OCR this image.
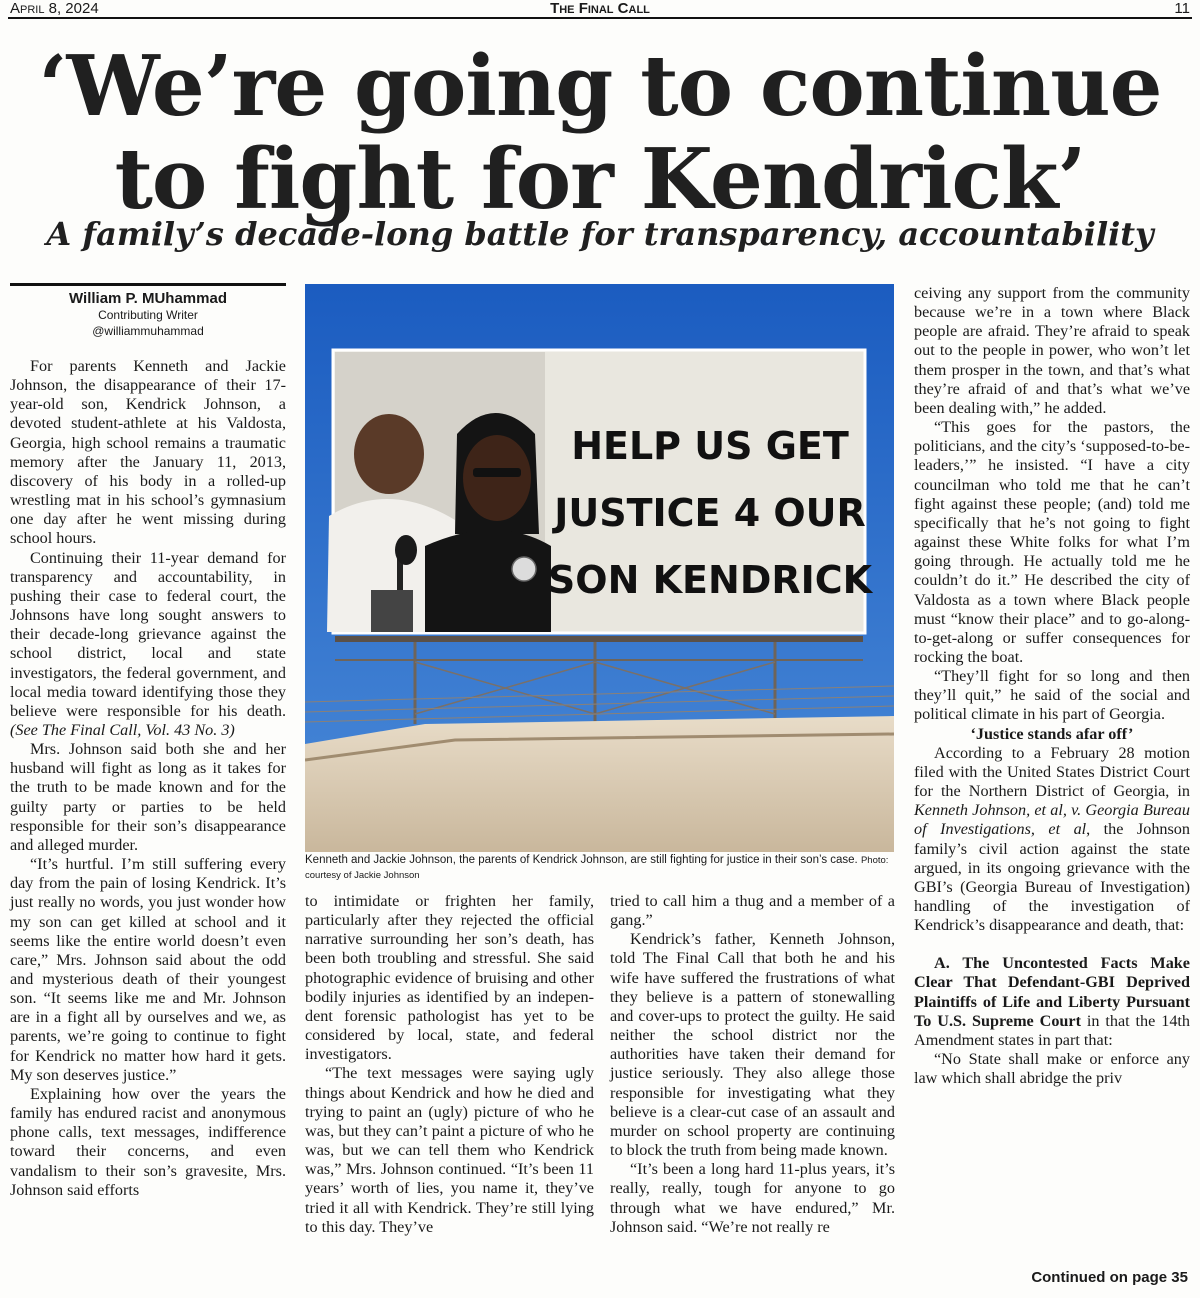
April 8, 2024	The Final Call	11
‘We’re going to continue
to fight for Kendrick’
A family’s decade-long battle for transparency, accountability
William P. MUhammad
Contributing Writer
@williammuhammad

For parents Kenneth and Jackie Johnson, the disappearance of their 17-year-old son, Kendrick Johnson, a devoted student-athlete at his Valdosta, Georgia, high school remains a traumatic memory after the January 11, 2013, discovery of his body in a rolled-up wrestling mat in his school’s gymnasium one day after he went missing during school hours.

Continuing their 11-year demand for transparency and accountability, in pushing their case to federal court, the Johnsons have long sought answers to their decade-long grievance against the school district, local and state investigators, the federal government, and local media toward identifying those they believe were responsible for his death. (See The Final Call, Vol. 43 No. 3)

Mrs. Johnson said both she and her husband will fight as long as it takes for the truth to be made known and for the guilty party or parties to be held responsible for their son’s disappearance and alleged murder.

“It’s hurtful. I’m still suffering every day from the pain of losing Kendrick. It’s just really no words, you just wonder how my son can get killed at school and it seems like the entire world doesn’t even care,” Mrs. Johnson said about the odd and mysterious death of their youngest son. “It seems like me and Mr. Johnson are in a fight all by ourselves and we, as parents, we’re going to continue to fight for Kendrick no matter how hard it gets. My son deserves justice.”

Explaining how over the years the family has endured racist and anonymous phone calls, text messages, indifference toward their concerns, and even vandalism to their son’s gravesite, Mrs. Johnson said efforts

HELP US GET
JUSTICE 4 OUR
SON KENDRICK
Kenneth and Jackie Johnson, the parents of Kendrick Johnson, are still fighting for justice in their son’s case. Photo: courtesy of Jackie Johnson

to intimidate or frighten her family, particularly after they rejected the official narrative surrounding her son’s death, has been both troubling and stressful. She said photographic evidence of bruising and other bodily injuries as identified by an independent forensic pathologist has yet to be considered by local, state, and federal investigators.

“The text messages were saying ugly things about Kendrick and how he died and trying to paint an (ugly) picture of who he was, but they can’t paint a picture of who he was, but we can tell them who Kendrick was,” Mrs. Johnson continued. “It’s been 11 years’ worth of lies, you name it, they’ve tried it all with Kendrick. They’re still lying to this day. They’ve

tried to call him a thug and a member of a gang.”

Kendrick’s father, Kenneth Johnson, told The Final Call that both he and his wife have suffered the frustrations of what they believe is a pattern of stonewalling and cover-ups to protect the guilty. He said neither the school district nor the authorities have taken their demand for justice seriously. They also allege those responsible for investigating what they believe is a clear-cut case of an assault and murder on school property are continuing to block the truth from being made known.

“It’s been a long hard 11-plus years, it’s really, really, tough for anyone to go through what we have endured,” Mr. Johnson said. “We’re not really re

ceiving any support from the community because we’re in a town where Black people are afraid. They’re afraid to speak out to the people in power, who won’t let them prosper in the town, and that’s what they’re afraid of and that’s what we’ve been dealing with,” he added.

“This goes for the pastors, the politicians, and the city’s ‘supposed-to-be-leaders,’” he insisted. “I have a city councilman who told me that he can’t fight against these people; (and) told me specifically that he’s not going to fight against these White folks for what I’m going through. He actually told me he couldn’t do it.” He described the city of Valdosta as a town where Black people must “know their place” and to go-along-to-get-along or suffer consequences for rocking the boat.

“They’ll fight for so long and then they’ll quit,” he said of the social and political climate in his part of Georgia.

‘Justice stands afar off’

According to a February 28 motion filed with the United States District Court for the Northern District of Georgia, in Kenneth Johnson, et al, v. Georgia Bureau of Investigations, et al, the Johnson family’s civil action against the state argued, in its ongoing grievance with the GBI’s (Georgia Bureau of Investigation) handling of the investigation of Kendrick’s disappearance and death, that:

A. The Uncontested Facts Make Clear That Defendant-GBI Deprived Plaintiffs of Life and Liberty Pursuant To U.S. Supreme Court in that the 14th Amendment states in part that:

“No State shall make or enforce any law which shall abridge the priv

Continued on page 35
